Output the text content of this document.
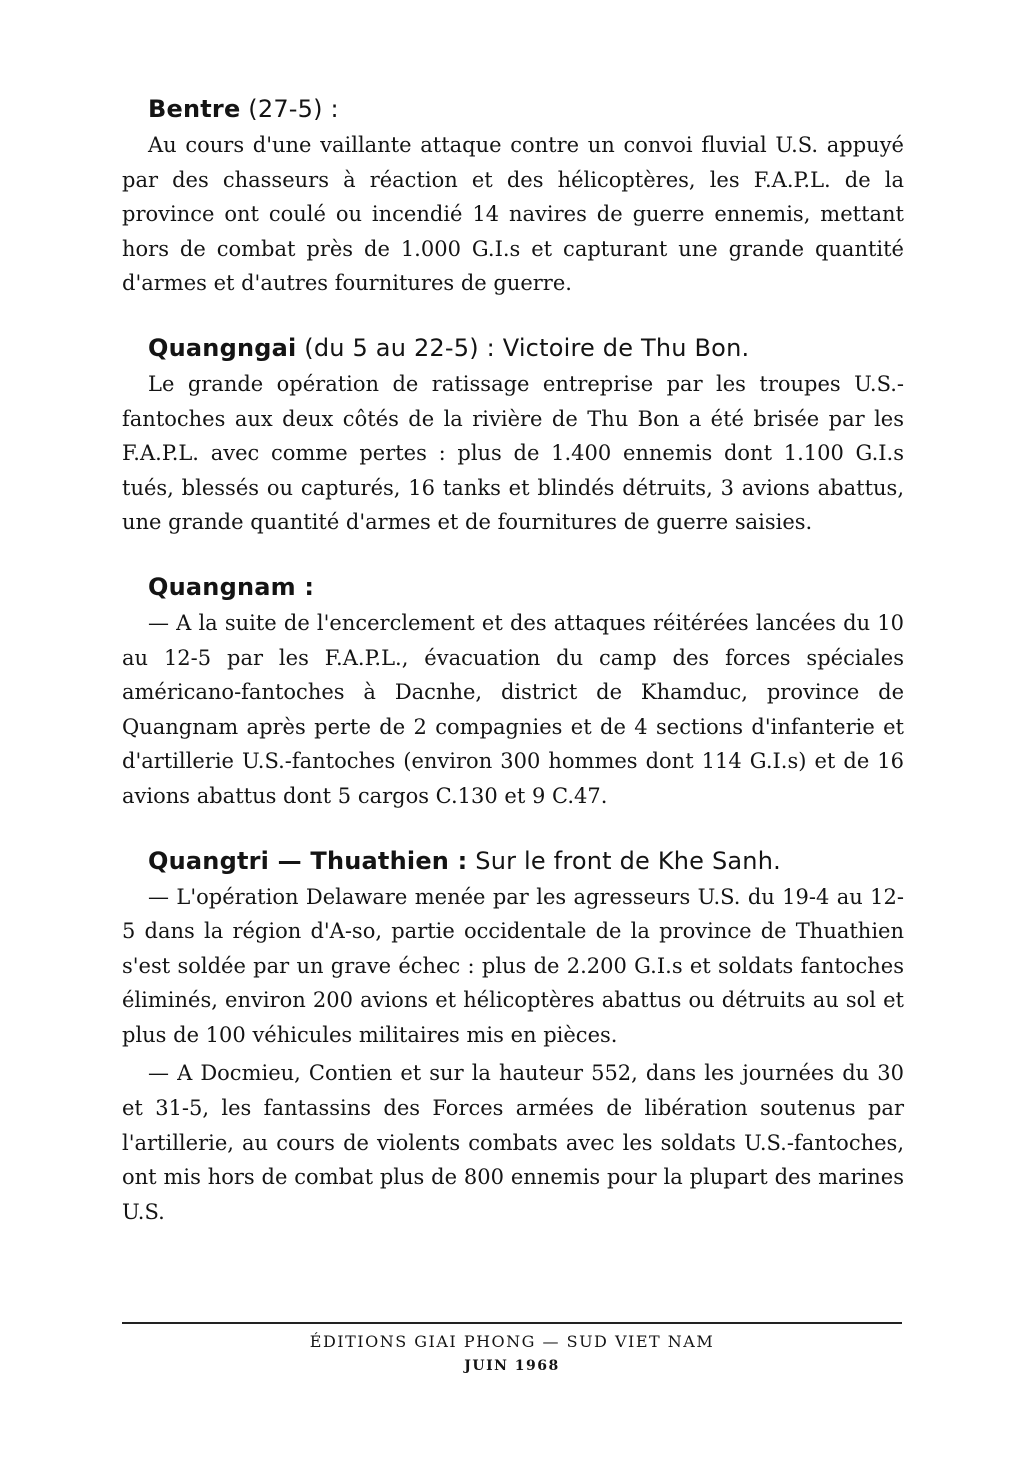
Bentre (27-5) :

Au cours d'une vaillante attaque contre un convoi fluvial U.S. appuyé par des chasseurs à réaction et des hélicoptères, les F.A.P.L. de la province ont coulé ou incendié 14 navires de guerre ennemis, mettant hors de combat près de 1.000 G.I.s et capturant une grande quantité d'armes et d'autres fournitures de guerre.

Quangngai (du 5 au 22-5) : Victoire de Thu Bon.

Le grande opération de ratissage entreprise par les troupes U.S.-fantoches aux deux côtés de la rivière de Thu Bon a été brisée par les F.A.P.L. avec comme pertes : plus de 1.400 ennemis dont 1.100 G.I.s tués, blessés ou capturés, 16 tanks et blindés détruits, 3 avions abattus, une grande quantité d'armes et de fournitures de guerre saisies.

Quangnam :

— A la suite de l'encerclement et des attaques réitérées lancées du 10 au 12-5 par les F.A.P.L., évacuation du camp des forces spéciales américano-fantoches à Dacnhe, district de Khamduc, province de Quangnam après perte de 2 compagnies et de 4 sections d'infanterie et d'artillerie U.S.-fantoches (environ 300 hommes dont 114 G.I.s) et de 16 avions abattus dont 5 cargos C.130 et 9 C.47.

Quangtri — Thuathien : Sur le front de Khe Sanh.

— L'opération Delaware menée par les agresseurs U.S. du 19-4 au 12-5 dans la région d'A-so, partie occidentale de la province de Thuathien s'est soldée par un grave échec : plus de 2.200 G.I.s et soldats fantoches éliminés, environ 200 avions et hélicoptères abattus ou détruits au sol et plus de 100 véhicules militaires mis en pièces.

— A Docmieu, Contien et sur la hauteur 552, dans les journées du 30 et 31-5, les fantassins des Forces armées de libération soutenus par l'artillerie, au cours de violents combats avec les soldats U.S.-fantoches, ont mis hors de combat plus de 800 ennemis pour la plupart des marines U.S.

ÉDITIONS GIAI PHONG — SUD VIET NAM
JUIN 1968
